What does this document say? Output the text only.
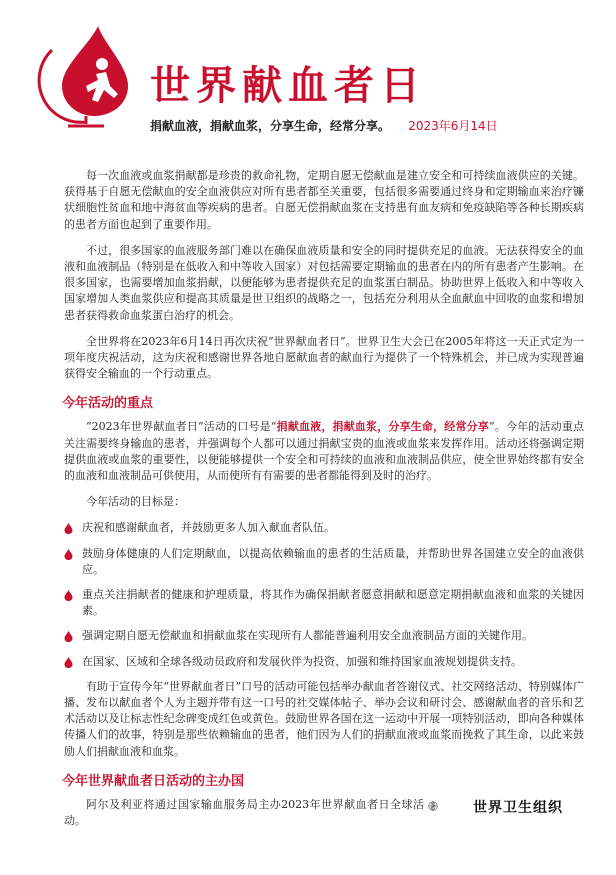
世界献血者日
捐献血液，捐献血浆，分享生命，经常分享。 2023年6月14日

每一次血液或血浆捐献都是珍贵的救命礼物，定期自愿无偿献血是建立安全和可持续血液供应的关键。获得基于自愿无偿献血的安全血液供应对所有患者都至关重要，包括很多需要通过终身和定期输血来治疗镰状细胞性贫血和地中海贫血等疾病的患者。自愿无偿捐献血浆在支持患有血友病和免疫缺陷等各种长期疾病的患者方面也起到了重要作用。

不过，很多国家的血液服务部门难以在确保血液质量和安全的同时提供充足的血液。无法获得安全的血液和血液制品（特别是在低收入和中等收入国家）对包括需要定期输血的患者在内的所有患者产生影响。在很多国家，也需要增加血浆捐献，以便能够为患者提供充足的血浆蛋白制品。协助世界上低收入和中等收入国家增加人类血浆供应和提高其质量是世卫组织的战略之一，包括充分利用从全血献血中回收的血浆和增加患者获得救命血浆蛋白治疗的机会。

全世界将在2023年6月14日再次庆祝“世界献血者日”。世界卫生大会已在2005年将这一天正式定为一项年度庆祝活动，这为庆祝和感谢世界各地自愿献血者的献血行为提供了一个特殊机会，并已成为实现普遍获得安全输血的一个行动重点。

今年活动的重点

“2023年世界献血者日”活动的口号是“捐献血液，捐献血浆，分享生命，经常分享”。今年的活动重点关注需要终身输血的患者，并强调每个人都可以通过捐献宝贵的血液或血浆来发挥作用。活动还将强调定期提供血液或血浆的重要性，以便能够提供一个安全和可持续的血液和血液制品供应，使全世界始终都有安全的血液和血液制品可供使用，从而使所有有需要的患者都能得到及时的治疗。

今年活动的目标是：

庆祝和感谢献血者，并鼓励更多人加入献血者队伍。
鼓励身体健康的人们定期献血，以提高依赖输血的患者的生活质量，并帮助世界各国建立安全的血液供应。
重点关注捐献者的健康和护理质量，将其作为确保捐献者愿意捐献和愿意定期捐献血液和血浆的关键因素。
强调定期自愿无偿献血和捐献血浆在实现所有人都能普遍利用安全血液制品方面的关键作用。
在国家、区域和全球各级动员政府和发展伙伴为投资、加强和维持国家血液规划提供支持。

有助于宣传今年“世界献血者日”口号的活动可能包括举办献血者答谢仪式、社交网络活动、特别媒体广播、发布以献血者个人为主题并带有这一口号的社交媒体帖子、举办会议和研讨会、感谢献血者的音乐和艺术活动以及让标志性纪念碑变成红色或黄色。鼓励世界各国在这一运动中开展一项特别活动，即向各种媒体传播人们的故事，特别是那些依赖输血的患者，他们因为人们的捐献血液或血浆而挽救了其生命，以此来鼓励人们捐献血液和血浆。

今年世界献血者日活动的主办国

阿尔及利亚将通过国家输血服务局主办2023年世界献血者日全球活动。

世界卫生组织
